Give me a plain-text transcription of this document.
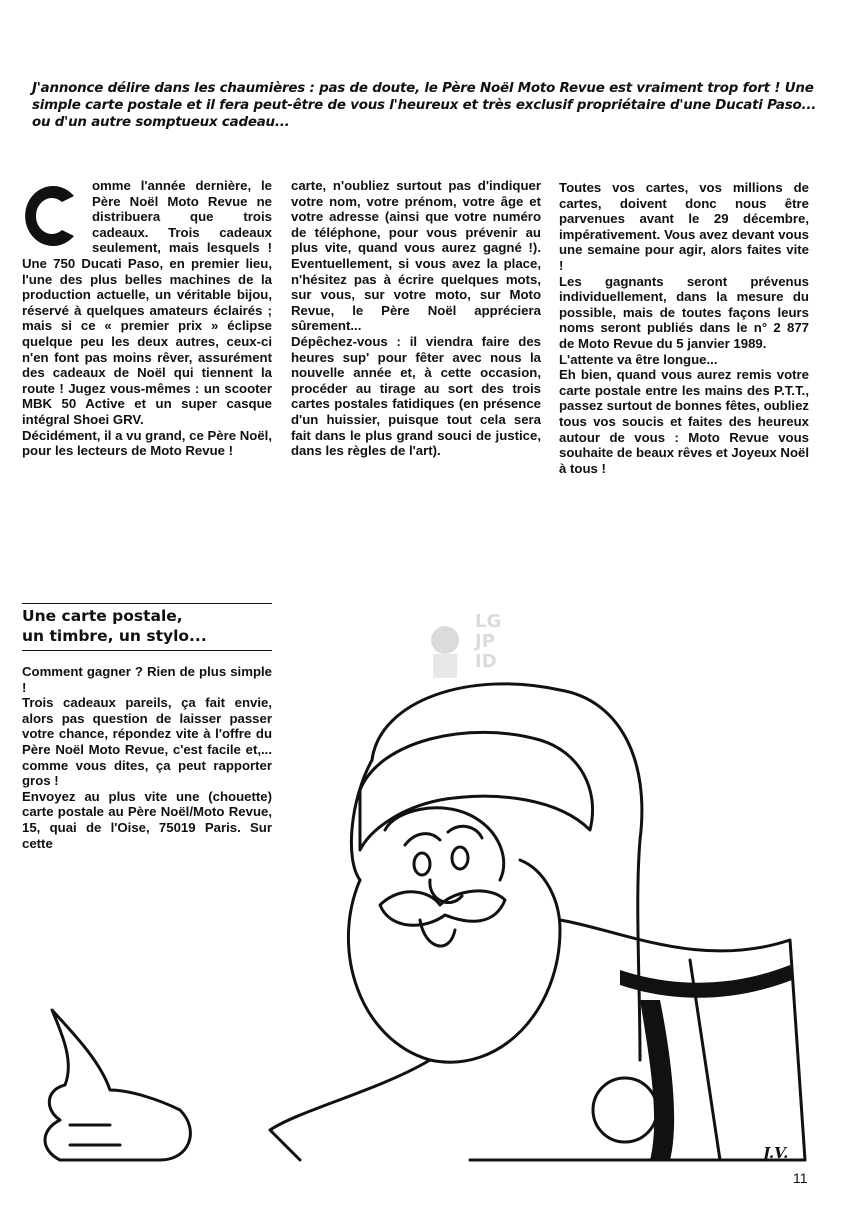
J'annonce délire dans les chaumières : pas de doute, le Père Noël Moto Revue est vraiment trop fort ! Une simple carte postale et il fera peut-être de vous l'heureux et très exclusif propriétaire d'une Ducati Paso... ou d'un autre somptueux cadeau...

omme l'année dernière, le Père Noël Moto Revue ne distribuera que trois cadeaux. Trois cadeaux seulement, mais lesquels ! Une 750 Ducati Paso, en premier lieu, l'une des plus belles machines de la production actuelle, un véritable bijou, réservé à quelques amateurs éclairés ; mais si ce « premier prix » éclipse quelque peu les deux autres, ceux-ci n'en font pas moins rêver, assurément des cadeaux de Noël qui tiennent la route ! Jugez vous-mêmes : un scooter MBK 50 Active et un super casque intégral Shoei GRV.

Décidément, il a vu grand, ce Père Noël, pour les lecteurs de Moto Revue !

carte, n'oubliez surtout pas d'indiquer votre nom, votre prénom, votre âge et votre adresse (ainsi que votre numéro de téléphone, pour vous prévenir au plus vite, quand vous aurez gagné !). Eventuellement, si vous avez la place, n'hésitez pas à écrire quelques mots, sur vous, sur votre moto, sur Moto Revue, le Père Noël appréciera sûrement...

Dépêchez-vous : il viendra faire des heures sup' pour fêter avec nous la nouvelle année et, à cette occasion, procéder au tirage au sort des trois cartes postales fatidiques (en présence d'un huissier, puisque tout cela sera fait dans le plus grand souci de justice, dans les règles de l'art).

Toutes vos cartes, vos millions de cartes, doivent donc nous être parvenues avant le 29 décembre, impérativement. Vous avez devant vous une semaine pour agir, alors faites vite !

Les gagnants seront prévenus individuellement, dans la mesure du possible, mais de toutes façons leurs noms seront publiés dans le n° 2 877 de Moto Revue du 5 janvier 1989.

L'attente va être longue...

Eh bien, quand vous aurez remis votre carte postale entre les mains des P.T.T., passez surtout de bonnes fêtes, oubliez tous vos soucis et faites des heureux autour de vous : Moto Revue vous souhaite de beaux rêves et Joyeux Noël à tous !

Une carte postale,
un timbre, un stylo...

Comment gagner ? Rien de plus simple !

Trois cadeaux pareils, ça fait envie, alors pas question de laisser passer votre chance, répondez vite à l'offre du Père Noël Moto Revue, c'est facile et,... comme vous dites, ça peut rapporter gros !

Envoyez au plus vite une (chouette) carte postale au Père Noël/Moto Revue, 15, quai de l'Oise, 75019 Paris. Sur cette

LG
JP
ID
J.V.
11
